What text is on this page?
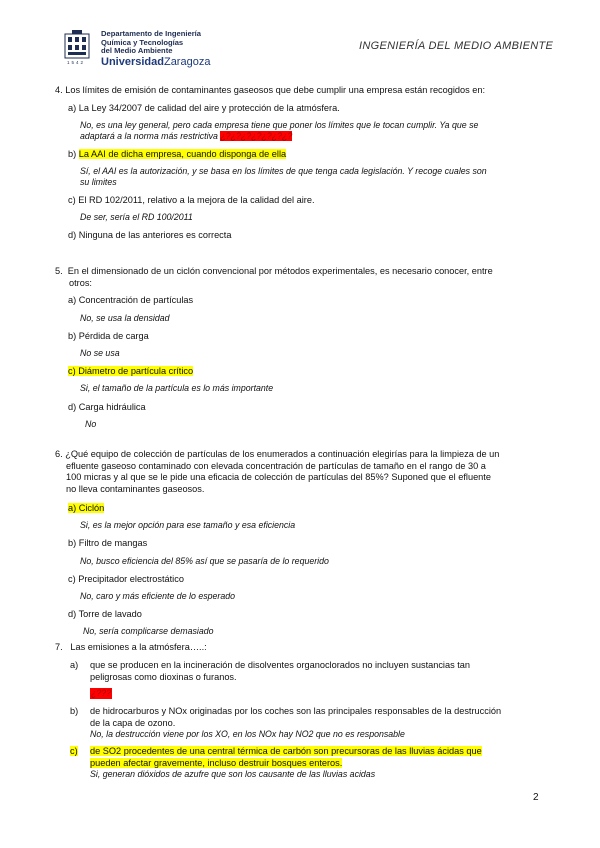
1542
Departamento de Ingeniería
Química y Tecnologías
del Medio Ambiente
UniversidadZaragoza
INGENIERÍA DEL MEDIO AMBIENTE
4. Los límites de emisión de contaminantes gaseosos que debe cumplir una empresa están recogidos en:
a) La Ley 34/2007 de calidad del aire y protección de la atmósfera.
No, es una ley general, pero cada empresa tiene que poner los límites que le tocan cumplir. Ya que se
adaptará a la norma más restrictiva ¿?¿?¿?¿?¿?¿?¿?
b) La AAI de dicha empresa, cuando disponga de ella
Sí, el AAI es la autorización, y se basa en los límites de que tenga cada legislación. Y recoge cuales son
su limites
c) El RD 102/2011, relativo a la mejora de la calidad del aire.
De ser, sería el RD 100/2011
d) Ninguna de las anteriores es correcta
5. En el dimensionado de un ciclón convencional por métodos experimentales, es necesario conocer, entre
otros:
a) Concentración de partículas
No, se usa la densidad
b) Pérdida de carga
No se usa
c) Diámetro de partícula crítico
Si, el tamaño de la partícula es lo más importante
d) Carga hidráulica
No
6. ¿Qué equipo de colección de partículas de los enumerados a continuación elegirías para la limpieza de un
efluente gaseoso contaminado con elevada concentración de partículas de tamaño en el rango de 30 a
100 micras y al que se le pide una eficacia de colección de partículas del 85%? Suponed que el efluente
no lleva contaminantes gaseosos.
a) Ciclón
Si, es la mejor opción para ese tamaño y esa eficiencia
b) Filtro de mangas
No, busco eficiencia del 85% así que se pasaría de lo requerido
c) Precipitador electrostático
No, caro y más eficiente de lo esperado
d) Torre de lavado
No, sería complicarse demasiado
7. Las emisiones a la atmósfera…..:
a) que se producen en la incineración de disolventes organoclorados no incluyen sustancias tan
peligrosas como dioxinas o furanos.
¿???
b) de hidrocarburos y NOx originadas por los coches son las principales responsables de la destrucción
de la capa de ozono.
No, la destrucción viene por los XO, en los NOx hay NO2 que no es responsable
c) de SO2 procedentes de una central térmica de carbón son precursoras de las lluvias ácidas que
pueden afectar gravemente, incluso destruir bosques enteros.
Si, generan dióxidos de azufre que son los causante de las lluvias acidas
2
